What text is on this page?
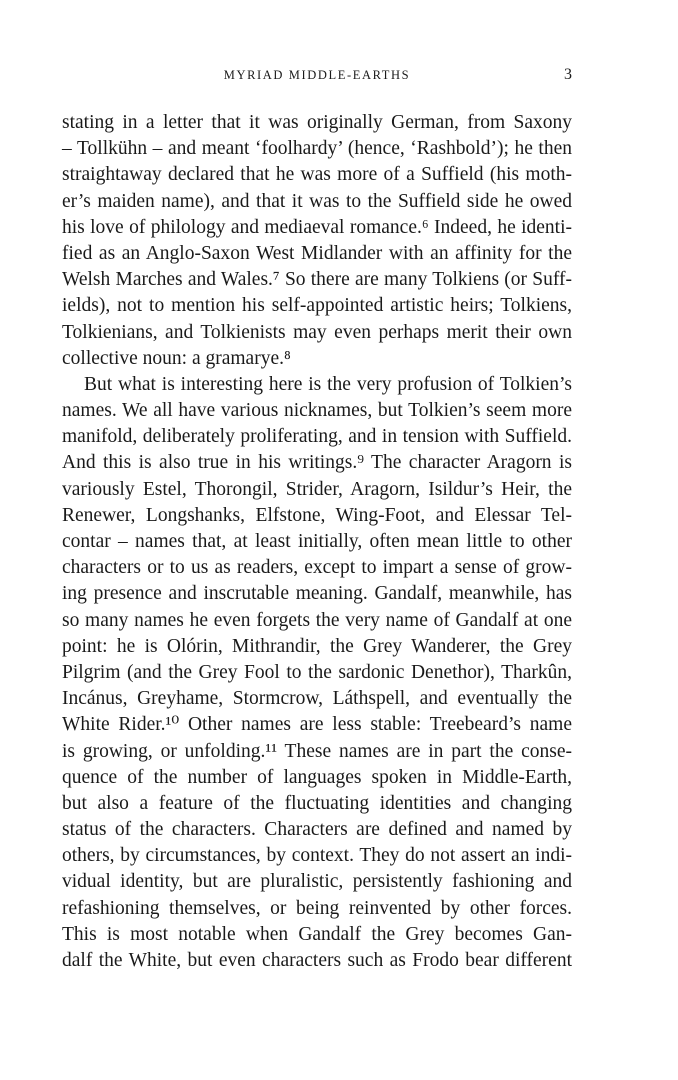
MYRIAD MIDDLE-EARTHS	3
stating in a letter that it was originally German, from Saxony
– Tollkühn – and meant ‘foolhardy’ (hence, ‘Rashbold’); he then
straightaway declared that he was more of a Suffield (his moth-
er’s maiden name), and that it was to the Suffield side he owed
his love of philology and mediaeval romance.⁶ Indeed, he identi-
fied as an Anglo-Saxon West Midlander with an affinity for the
Welsh Marches and Wales.⁷ So there are many Tolkiens (or Suff-
ields), not to mention his self-appointed artistic heirs; Tolkiens,
Tolkienians, and Tolkienists may even perhaps merit their own
collective noun: a gramarye.⁸
But what is interesting here is the very profusion of Tolkien’s
names. We all have various nicknames, but Tolkien’s seem more
manifold, deliberately proliferating, and in tension with Suffield.
And this is also true in his writings.⁹ The character Aragorn is
variously Estel, Thorongil, Strider, Aragorn, Isildur’s Heir, the
Renewer, Longshanks, Elfstone, Wing-Foot, and Elessar Tel-
contar – names that, at least initially, often mean little to other
characters or to us as readers, except to impart a sense of grow-
ing presence and inscrutable meaning. Gandalf, meanwhile, has
so many names he even forgets the very name of Gandalf at one
point: he is Olórin, Mithrandir, the Grey Wanderer, the Grey
Pilgrim (and the Grey Fool to the sardonic Denethor), Tharkûn,
Incánus, Greyhame, Stormcrow, Láthspell, and eventually the
White Rider.¹⁰ Other names are less stable: Treebeard’s name
is growing, or unfolding.¹¹ These names are in part the conse-
quence of the number of languages spoken in Middle-Earth,
but also a feature of the fluctuating identities and changing
status of the characters. Characters are defined and named by
others, by circumstances, by context. They do not assert an indi-
vidual identity, but are pluralistic, persistently fashioning and
refashioning themselves, or being reinvented by other forces.
This is most notable when Gandalf the Grey becomes Gan-
dalf the White, but even characters such as Frodo bear different
